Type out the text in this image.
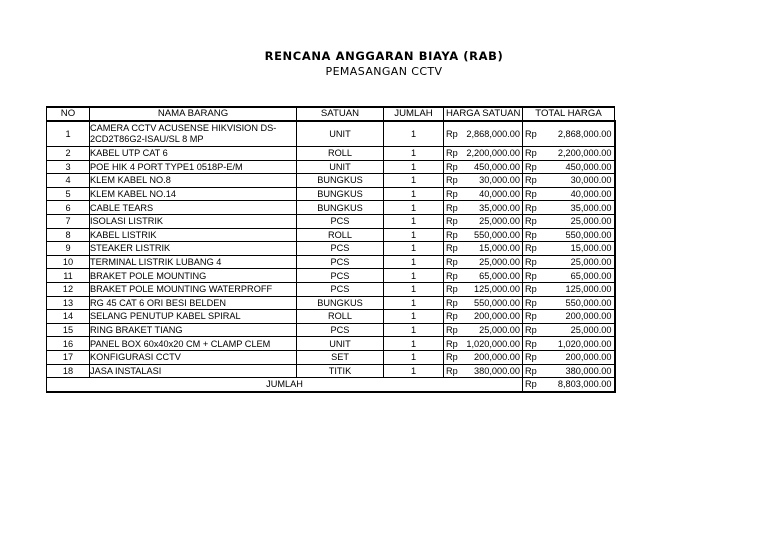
RENCANA ANGGARAN BIAYA (RAB)
PEMASANGAN CCTV
NO	NAMA BARANG	SATUAN	JUMLAH	HARGA SATUAN		TOTAL HARGA	
1	CAMERA CCTV ACUSENSE HIKVISION DS-2CD2T86G2-ISAU/SL 8 MP	UNIT	1	Rp	2,868,000.00	Rp	2,868,000.00
2	KABEL UTP CAT 6	ROLL	1	Rp	2,200,000.00	Rp	2,200,000.00
3	POE HIK 4 PORT TYPE1 0518P-E/M	UNIT	1	Rp	450,000.00	Rp	450,000.00
4	KLEM KABEL NO.8	BUNGKUS	1	Rp	30,000.00	Rp	30,000.00
5	KLEM KABEL NO.14	BUNGKUS	1	Rp	40,000.00	Rp	40,000.00
6	CABLE TEARS	BUNGKUS	1	Rp	35,000.00	Rp	35,000.00
7	ISOLASI LISTRIK	PCS	1	Rp	25,000.00	Rp	25,000.00
8	KABEL LISTRIK	ROLL	1	Rp	550,000.00	Rp	550,000.00
9	STEAKER LISTRIK	PCS	1	Rp	15,000.00	Rp	15,000.00
10	TERMINAL LISTRIK LUBANG 4	PCS	1	Rp	25,000.00	Rp	25,000.00
11	BRAKET POLE MOUNTING	PCS	1	Rp	65,000.00	Rp	65,000.00
12	BRAKET POLE MOUNTING WATERPROFF	PCS	1	Rp	125,000.00	Rp	125,000.00
13	RG 45 CAT 6 ORI BESI BELDEN	BUNGKUS	1	Rp	550,000.00	Rp	550,000.00
14	SELANG PENUTUP KABEL SPIRAL	ROLL	1	Rp	200,000.00	Rp	200,000.00
15	RING BRAKET TIANG	PCS	1	Rp	25,000.00	Rp	25,000.00
16	PANEL BOX 60x40x20 CM + CLAMP CLEM	UNIT	1	Rp	1,020,000.00	Rp	1,020,000.00
17	KONFIGURASI CCTV	SET	1	Rp	200,000.00	Rp	200,000.00
18	JASA INSTALASI	TITIK	1	Rp	380,000.00	Rp	380,000.00
JUMLAH						Rp	8,803,000.00
